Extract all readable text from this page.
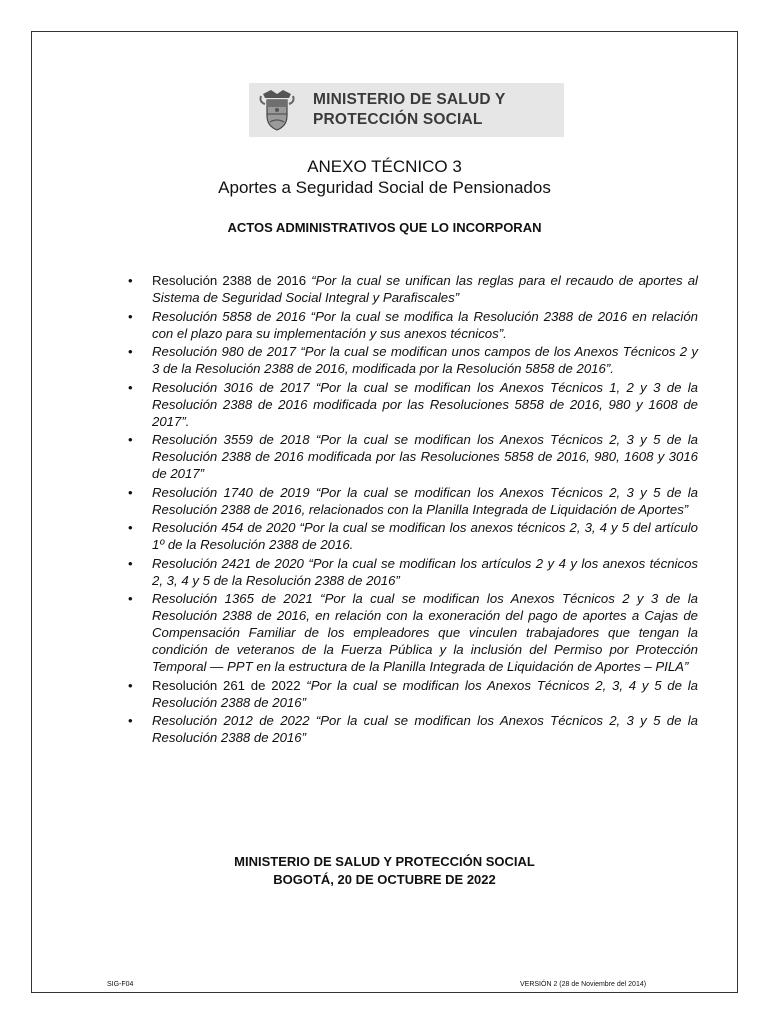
MINISTERIO DE SALUD Y
PROTECCIÓN SOCIAL
ANEXO TÉCNICO 3
Aportes a Seguridad Social de Pensionados
ACTOS ADMINISTRATIVOS QUE LO INCORPORAN
• Resolución 2388 de 2016 “Por la cual se unifican las reglas para el recaudo de aportes al Sistema de Seguridad Social Integral y Parafiscales”
• Resolución 5858 de 2016 “Por la cual se modifica la Resolución 2388 de 2016 en relación con el plazo para su implementación y sus anexos técnicos”.
• Resolución 980 de 2017 “Por la cual se modifican unos campos de los Anexos Técnicos 2 y 3 de la Resolución 2388 de 2016, modificada por la Resolución 5858 de 2016”.
• Resolución 3016 de 2017 “Por la cual se modifican los Anexos Técnicos 1, 2 y 3 de la Resolución 2388 de 2016 modificada por las Resoluciones 5858 de 2016, 980 y 1608 de 2017”.
• Resolución 3559 de 2018 “Por la cual se modifican los Anexos Técnicos 2, 3 y 5 de la Resolución 2388 de 2016 modificada por las Resoluciones 5858 de 2016, 980, 1608 y 3016 de 2017”
• Resolución 1740 de 2019 “Por la cual se modifican los Anexos Técnicos 2, 3 y 5 de la Resolución 2388 de 2016, relacionados con la Planilla Integrada de Liquidación de Aportes”
• Resolución 454 de 2020 “Por la cual se modifican los anexos técnicos 2, 3, 4 y 5 del artículo 1º de la Resolución 2388 de 2016.
• Resolución 2421 de 2020 “Por la cual se modifican los artículos 2 y 4 y los anexos técnicos 2, 3, 4 y 5 de la Resolución 2388 de 2016”
• Resolución 1365 de 2021 “Por la cual se modifican los Anexos Técnicos 2 y 3 de la Resolución 2388 de 2016, en relación con la exoneración del pago de aportes a Cajas de Compensación Familiar de los empleadores que vinculen trabajadores que tengan la condición de veteranos de la Fuerza Pública y la inclusión del Permiso por Protección Temporal — PPT en la estructura de la Planilla Integrada de Liquidación de Aportes – PILA”
• Resolución 261 de 2022 “Por la cual se modifican los Anexos Técnicos 2, 3, 4 y 5 de la Resolución 2388 de 2016”
• Resolución 2012 de 2022 “Por la cual se modifican los Anexos Técnicos 2, 3 y 5 de la Resolución 2388 de 2016”
MINISTERIO DE SALUD Y PROTECCIÓN SOCIAL
BOGOTÁ, 20 DE OCTUBRE DE 2022
SIG-F04	VERSIÓN 2 (28 de Noviembre del 2014)
